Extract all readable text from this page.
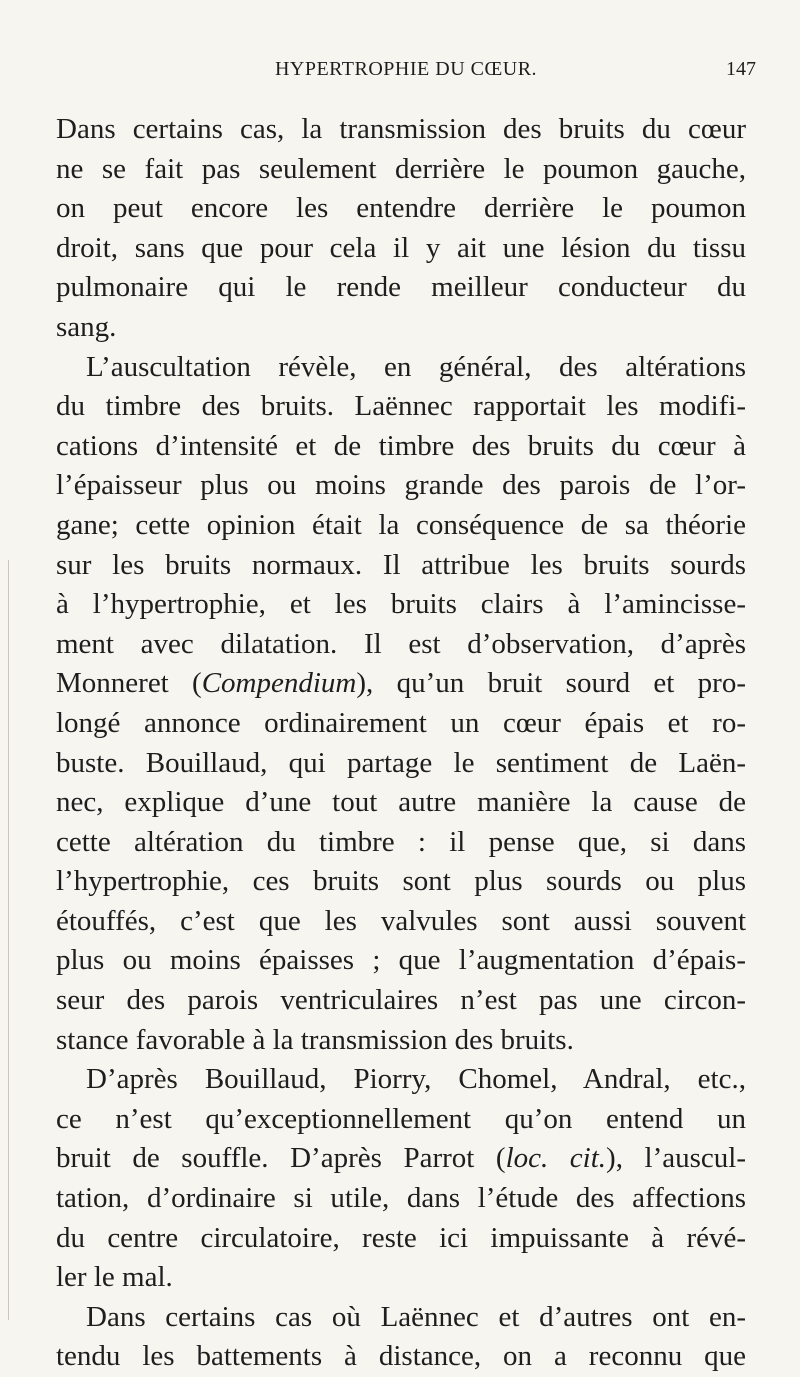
HYPERTROPHIE DU CŒUR.	147
Dans certains cas, la transmission des bruits du cœur
ne se fait pas seulement derrière le poumon gauche,
on peut encore les entendre derrière le poumon
droit, sans que pour cela il y ait une lésion du tissu
pulmonaire qui le rende meilleur conducteur du
sang.
L’auscultation révèle, en général, des altérations
du timbre des bruits. Laënnec rapportait les modifi-
cations d’intensité et de timbre des bruits du cœur à
l’épaisseur plus ou moins grande des parois de l’or-
gane; cette opinion était la conséquence de sa théorie
sur les bruits normaux. Il attribue les bruits sourds
à l’hypertrophie, et les bruits clairs à l’amincisse-
ment avec dilatation. Il est d’observation, d’après
Monneret (Compendium), qu’un bruit sourd et pro-
longé annonce ordinairement un cœur épais et ro-
buste. Bouillaud, qui partage le sentiment de Laën-
nec, explique d’une tout autre manière la cause de
cette altération du timbre : il pense que, si dans
l’hypertrophie, ces bruits sont plus sourds ou plus
étouffés, c’est que les valvules sont aussi souvent
plus ou moins épaisses ; que l’augmentation d’épais-
seur des parois ventriculaires n’est pas une circon-
stance favorable à la transmission des bruits.
D’après Bouillaud, Piorry, Chomel, Andral, etc.,
ce n’est qu’exceptionnellement qu’on entend un
bruit de souffle. D’après Parrot (loc. cit.), l’auscul-
tation, d’ordinaire si utile, dans l’étude des affections
du centre circulatoire, reste ici impuissante à révé-
ler le mal.
Dans certains cas où Laënnec et d’autres ont en-
tendu les battements à distance, on a reconnu que
